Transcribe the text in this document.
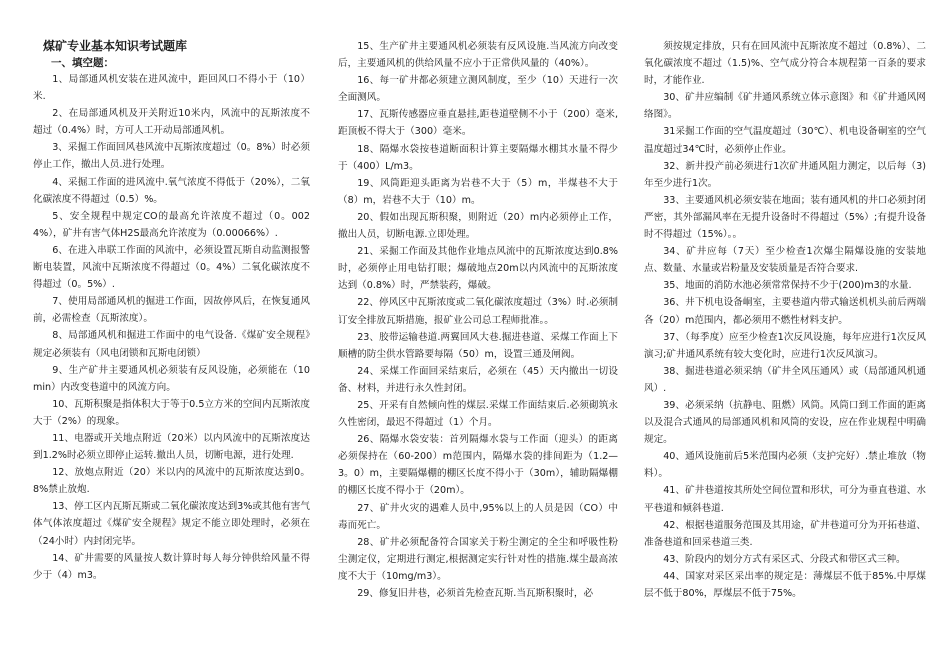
煤矿专业基本知识考试题库
一、填空题：

1、局部通风机安装在进风流中，距回风口不得小于（10）米.

2、在局部通风机及开关附近10米内，风流中的瓦斯浓度不超过（0.4%）时，方可人工开动局部通风机。

3、采掘工作面回风巷风流中瓦斯浓度超过（0。8%）时必须停止工作，撤出人员.进行处理。

4、采掘工作面的进风流中.氧气浓度不得低于（20%），二氧化碳浓度不得超过（0.5）%。

5、安全规程中规定CO的最高允许浓度不超过（0。0024%），矿井有害气体H2S最高允许浓度为（0.00066%）.

6、在进入串联工作面的风流中，必须设置瓦斯自动监测报警断电装置，风流中瓦斯浓度不得超过（0。4%）二氧化碳浓度不得超过（0。5%）.

7、使用局部通风机的掘进工作面，因故停风后，在恢复通风前，必需检查（瓦斯浓度）。

8、局部通风机和掘进工作面中的电气设备.《煤矿安全规程》规定必须装有（风电闭锁和瓦斯电闭锁）

9、生产矿井主要通风机必须装有反风设施，必须能在（10min）内改变巷道中的风流方向。

10、瓦斯积聚是指体积大于等于0.5立方米的空间内瓦斯浓度大于（2%）的现象。

11、电器或开关地点附近（20米）以内风流中的瓦斯浓度达到1.2%时必须立即停止运转.撤出人员，切断电源，进行处理.

12、放炮点附近（20）米以内的风流中的瓦斯浓度达到0。8%禁止放炮.

13、停工区内瓦斯瓦斯或二氧化碳浓度达到3%或其他有害气体气体浓度超过《煤矿安全规程》规定不能立即处理时，必须在（24小时）内封闭完毕。

14、矿井需要的风量按人数计算时每人每分钟供给风量不得少于（4）m3。

15、生产矿井主要通风机必须装有反风设施.当风流方向改变后，主要通风机的供给风量不应小于正常供风量的（40%）。

16、每一矿井都必须建立测风制度，至少（10）天进行一次全面测风。

17、瓦斯传感器应垂直悬挂,距巷道壁侧不小于（200）毫米,距顶板不得大于（300）毫米。

18、隔爆水袋按巷道断面积计算主要隔爆水棚其水量不得少于（400）L/m3。

19、风筒距迎头距离为岩巷不大于（5）m，半煤巷不大于（8）m，岩巷不大于（10）m。

20、假如出现瓦斯积聚，则附近（20）m内必须停止工作，撤出人员，切断电源.立即处理。

21、采掘工作面及其他作业地点风流中的瓦斯浓度达到0.8%时，必须停止用电钻打眼；爆破地点20m以内风流中的瓦斯浓度达到（0.8%）时，严禁装药，爆破。

22、停风区中瓦斯浓度或二氧化碳浓度超过（3%）时.必须制订安全排放瓦斯措施，报矿业公司总工程师批准。。

23、胶带运输巷道.两翼回风大巷.掘进巷道、采煤工作面上下顺槽的防尘供水管路要每隔（50）m，设置三通及闸阀。

24、采煤工作面回采结束后，必须在（45）天内撤出一切设备、材料，并进行永久性封闭。

25、开采有自然倾向性的煤层.采煤工作面结束后.必须砌筑永久性密闭，最迟不得超过（1）个月。

26、隔爆水袋安装：首列隔爆水袋与工作面（迎头）的距离必须保持在（60-200）m范围内，隔爆水袋的排间距为（1.2—3。0）m，主要隔爆棚的棚区长度不得小于（30m），辅助隔爆棚的棚区长度不得小于（20m）。

27、矿井火灾的遇难人员中,95%以上的人员是因（CO）中毒而死亡。

28、矿井必须配备符合国家关于粉尘测定的全尘和呼吸性粉尘测定仪，定期进行测定,根据测定实行针对性的措施.煤尘最高浓度不大于（10mg/m3）。

29、修复旧井巷，必须首先检查瓦斯.当瓦斯积聚时，必

须按规定排放，只有在回风流中瓦斯浓度不超过（0.8%）、二氧化碳浓度不超过（1.5)%、空气成分符合本规程第一百条的要求时，才能作业.

30、矿井应编制《矿井通风系统立体示意图》和《矿井通风网络图》。

31采掘工作面的空气温度超过（30℃）、机电设备硐室的空气温度超过34℃时，必须停止作业。

32、新井投产前必须进行1次矿井通风阻力测定，以后每（3)年至少进行1次。

33、主要通风机必须安装在地面；装有通风机的井口必须封闭严密，其外部漏风率在无提升设备时不得超过（5%）;有提升设备时不得超过（15%）。。

34、矿井应每（7天）至少检查1次爆尘隔爆设施的安装地点、数量、水量或岩粉量及安装质量是否符合要求.

35、地面的消防水池必须常常保持不少于(200)m3的水量.

36、井下机电设备峒室，主要巷道内带式输送机机头前后两端各（20）m范围内，都必须用不燃性材料支护。

37、（每季度）应至少检查1次反风设施，每年应进行1次反风演习;矿井通风系统有较大变化时，应进行1次反风演习。

38、掘进巷道必须采纳（矿井全风压通风）或（局部通风机通风）.

39、必须采纳（抗静电、阻燃）风筒。风筒口到工作面的距离以及混合式通风的局部通风机和风筒的安设，应在作业规程中明确规定。

40、通风设施前后5米范围内必须（支护完好）.禁止堆放（物料）。

41、矿井巷道按其所处空间位置和形状，可分为垂直巷道、水平巷道和倾斜巷道.

42、根据巷道服务范围及其用途，矿井巷道可分为开拓巷道、准备巷道和回采巷道三类.

43、阶段内的划分方式有采区式、分段式和带区式三种。

44、国家对采区采出率的规定是：薄煤层不低于85%.中厚煤层不低于80%，厚煤层不低于75%。
